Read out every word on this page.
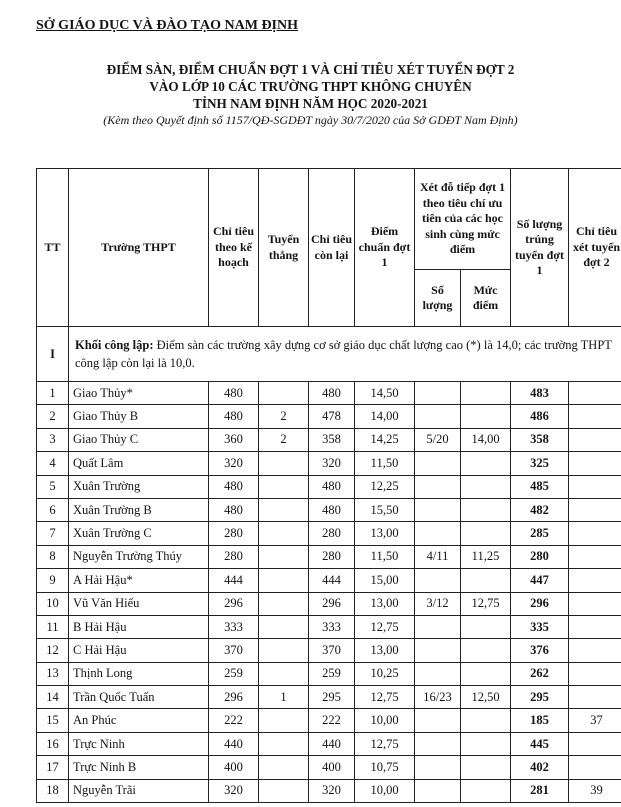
SỞ GIÁO DỤC VÀ ĐÀO TẠO NAM ĐỊNH
ĐIỂM SÀN, ĐIỂM CHUẨN ĐỢT 1 VÀ CHỈ TIÊU XÉT TUYỂN ĐỢT 2
VÀO LỚP 10 CÁC TRƯỜNG THPT KHÔNG CHUYÊN
TỈNH NAM ĐỊNH NĂM HỌC 2020-2021
(Kèm theo Quyết định số 1157/QĐ-SGDĐT ngày 30/7/2020 của Sở GDĐT Nam Định)
TT	Trường THPT	Chỉ tiêu theo kế hoạch	Tuyển thẳng	Chỉ tiêu còn lại	Điểm chuẩn đợt 1	Xét đỗ tiếp đợt 1 theo tiêu chí ưu tiên của các học sinh cùng mức điểm		Số lượng trúng tuyển đợt 1	Chỉ tiêu xét tuyển đợt 2
						Số lượng	Mức điểm		
I	Khối công lập: Điểm sàn các trường xây dựng cơ sở giáo dục chất lượng cao (*) là 14,0; các trường THPT công lập còn lại là 10,0.								
1	Giao Thủy*	480		480	14,50			483	
2	Giao Thủy B	480	2	478	14,00			486	
3	Giao Thủy C	360	2	358	14,25	5/20	14,00	358	
4	Quất Lâm	320		320	11,50			325	
5	Xuân Trường	480		480	12,25			485	
6	Xuân Trường B	480		480	15,50			482	
7	Xuân Trường C	280		280	13,00			285	
8	Nguyễn Trường Thúy	280		280	11,50	4/11	11,25	280	
9	A Hải Hậu*	444		444	15,00			447	
10	Vũ Văn Hiếu	296		296	13,00	3/12	12,75	296	
11	B Hải Hậu	333		333	12,75			335	
12	C Hải Hậu	370		370	13,00			376	
13	Thịnh Long	259		259	10,25			262	
14	Trần Quốc Tuấn	296	1	295	12,75	16/23	12,50	295	
15	An Phúc	222		222	10,00			185	37
16	Trực Ninh	440		440	12,75			445	
17	Trực Ninh B	400		400	10,75			402	
18	Nguyễn Trãi	320		320	10,00			281	39
